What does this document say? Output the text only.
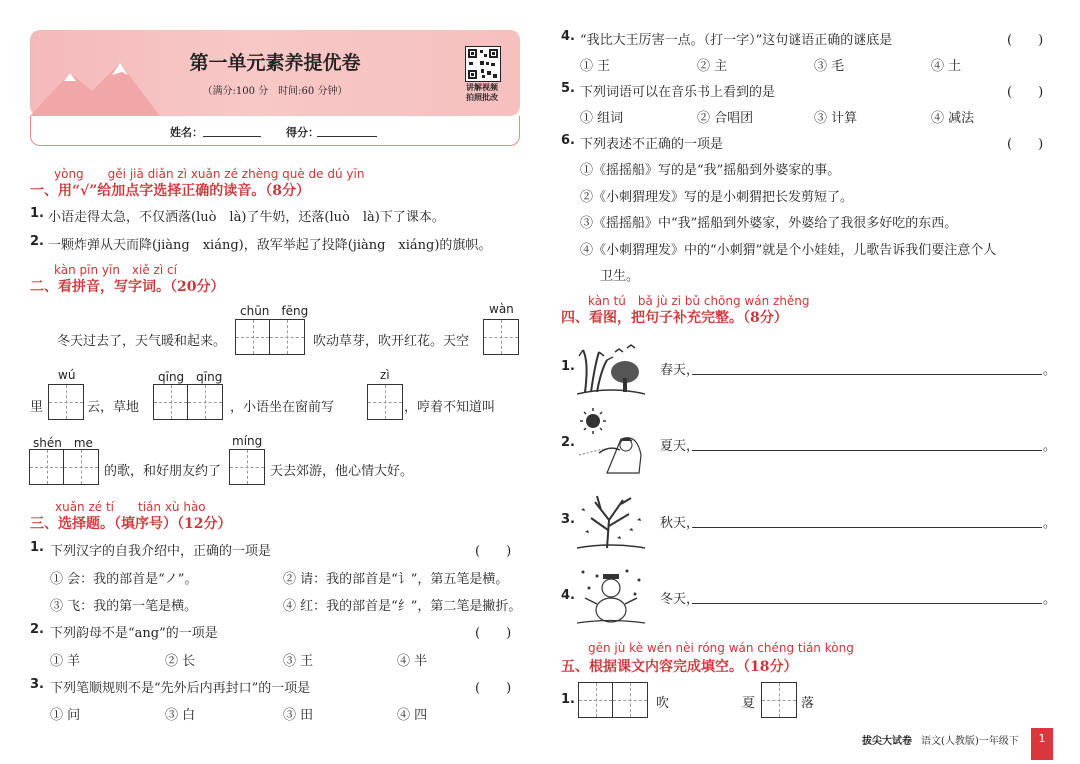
第一单元素养提优卷
（满分:100 分　时间:60 分钟）	讲解视频
拍照批改
姓名：	得分：
yòng　　gěi jiā diǎn zì xuǎn zé zhèng què de dú yīn
一、用“√”给加点字选择正确的读音。（8分）
1. 小语走得太急，不仅洒落(luò　là)了牛奶，还落(luò　là)下了课本。
2. 一颗炸弹从天而降(jiàng　xiáng)，敌军举起了投降(jiàng　xiáng)的旗帜。
kàn pīn yīn　xiě zì cí
二、看拼音，写字词。（20分）
chūn　fēng	wàn
冬天过去了，天气暖和起来。	吹动草芽，吹开红花。天空
wú	qīng　qīng	zì
里	云，草地	，小语坐在窗前写	，哼着不知道叫
shén　me	míng
的歌，和好朋友约了	天去郊游，他心情大好。
xuǎn zé tí　　tián xù hào
三、选择题。（填序号）（12分）
1. 下列汉字的自我介绍中，正确的一项是	(　　)
① 会：我的部首是“ノ”。	② 请：我的部首是“讠”，第五笔是横。
③ 飞：我的第一笔是横。	④ 红：我的部首是“纟”，第二笔是撇折。
2. 下列韵母不是“ang”的一项是	(　　)
① 羊	② 长	③ 王	④ 半
3. 下列笔顺规则不是“先外后内再封口”的一项是	(　　)
① 问	③ 白	③ 田	④ 四
4. “我比大王厉害一点。（打一字）”这句谜语正确的谜底是	(　　)
① 王	② 主	③ 毛	④ 土
5. 下列词语可以在音乐书上看到的是	(　　)
① 组词	② 合唱团	③ 计算	④ 减法
6. 下列表述不正确的一项是	(　　)
①《摇摇船》写的是“我”摇船到外婆家的事。
②《小刺猬理发》写的是小刺猬把长发剪短了。
③《摇摇船》中“我”摇船到外婆家，外婆给了我很多好吃的东西。
④《小刺猬理发》中的“小刺猬”就是个小娃娃，儿歌告诉我们要注意个人
卫生。
kàn tú　bǎ jù zi bǔ chōng wán zhěng
四、看图，把句子补充完整。（8分）
1.	春天，	。
2.	夏天，	。
3.	秋天，	。
4.	冬天，	。
gēn jù kè wén nèi róng wán chéng tián kòng
五、根据课文内容完成填空。（18分）
1.	吹	夏	落
拔尖大试卷 语文(人教版)一年级下	1
